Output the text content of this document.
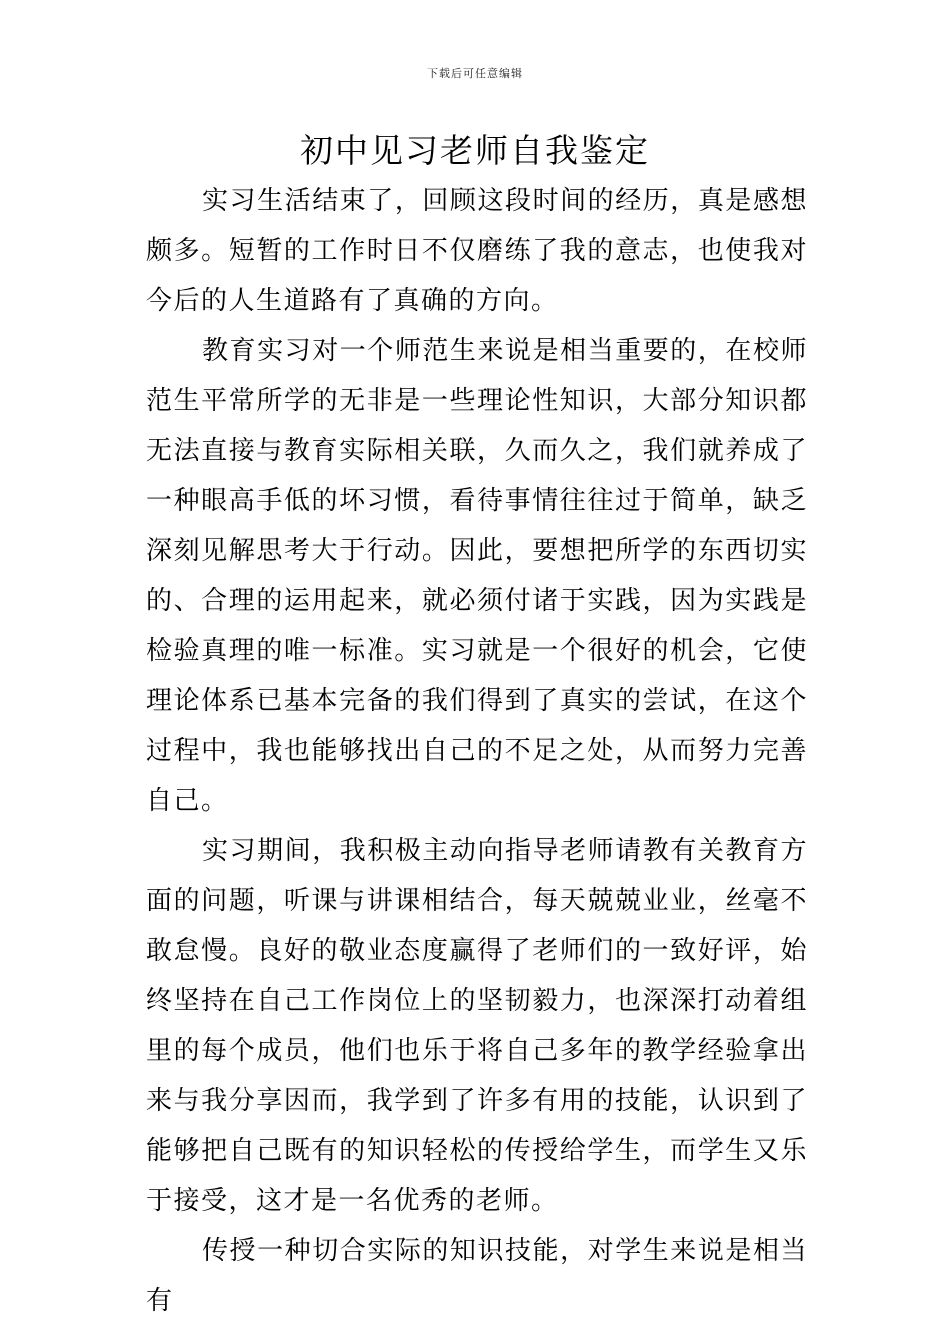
下载后可任意编辑
初中见习老师自我鉴定

实习生活结束了，回顾这段时间的经历，真是感想颇多。短暂的工作时日不仅磨练了我的意志，也使我对今后的人生道路有了真确的方向。

教育实习对一个师范生来说是相当重要的，在校师范生平常所学的无非是一些理论性知识，大部分知识都无法直接与教育实际相关联，久而久之，我们就养成了一种眼高手低的坏习惯，看待事情往往过于简单，缺乏深刻见解思考大于行动。因此，要想把所学的东西切实的、合理的运用起来，就必须付诸于实践，因为实践是检验真理的唯一标准。实习就是一个很好的机会，它使理论体系已基本完备的我们得到了真实的尝试，在这个过程中，我也能够找出自己的不足之处，从而努力完善自己。

实习期间，我积极主动向指导老师请教有关教育方面的问题，听课与讲课相结合，每天兢兢业业，丝毫不敢怠慢。良好的敬业态度赢得了老师们的一致好评，始终坚持在自己工作岗位上的坚韧毅力，也深深打动着组里的每个成员，他们也乐于将自己多年的教学经验拿出来与我分享因而，我学到了许多有用的技能，认识到了能够把自己既有的知识轻松的传授给学生，而学生又乐于接受，这才是一名优秀的老师。

传授一种切合实际的知识技能，对学生来说是相当有
